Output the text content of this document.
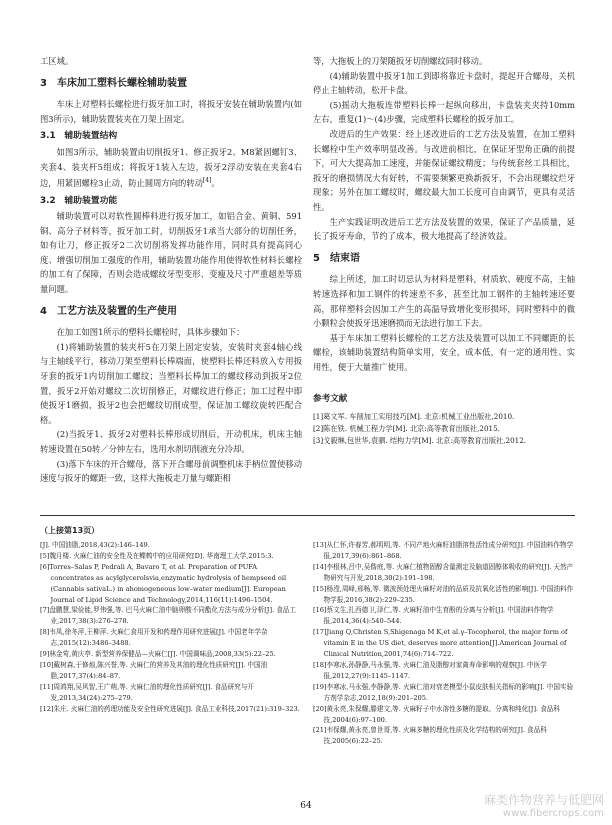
工区域。

3　车床加工塑料长螺栓辅助装置

车床上对塑料长螺栓进行扳牙加工时，将扳牙安装在辅助装置内(如图3所示)，辅助装置装夹在刀架上固定。

3.1　辅助装置结构

如图3所示，辅助装置由切削扳牙1、修正扳牙2、M8紧固螺钉3、夹套4、装夹杆5组成；将扳牙1装入左边，扳牙2浮动安装在夹套4右边，用紧固螺栓3止动，防止圆周方向的转动[4]。

3.2　辅助装置功能

辅助装置可以对软性圆棒料进行扳牙加工，如铝合金、黄铜、591铜、高分子材料等，扳牙加工时，切削扳牙1承当大部分的切削任务，如有让刀，修正扳牙2二次切削将发挥功能作用，同时具有提高同心度、增强切削加工强度的作用，辅助装置功能作用使得软性材料长螺栓的加工有了保障，否则会造成螺纹牙型变形、变瘦及尺寸严重超差等质量问题。

4　工艺方法及装置的生产使用

在加工如图1所示的塑料长螺栓时，具体步骤如下：

(1)将辅助装置的装夹杆5在刀架上固定安装，安装时夹套4轴心线与主轴线平行，移动刀架至塑料长棒端面，使塑料长棒还料放入专用扳牙套的扳牙1内切削加工螺纹；当塑料长棒加工的螺纹移动到扳牙2位置，扳牙2开始对螺纹二次切削修正，对螺纹进行修正；加工过程中即使扳牙1磨损，扳牙2也会把螺纹切削成型，保证加工螺纹旋转匹配合格。

(2)当扳牙1、扳牙2对塑料长棒形成切削后，开动机床，机床主轴转速设置在50转／分钟左右，选用水剂切削液充分冷却。

(3)落下车床的开合螺母，落下开合螺母前调整机床手柄位置使移动速度与扳牙的螺距一致，这样大拖板走刀量与螺距相

等，大拖板上的刀架随扳牙切削螺纹同时移动。

(4)辅助装置中扳牙1加工到即将靠近卡盘时，提起开合螺母，关机停止主轴转动，松开卡盘。

(5)摇动大拖板连带塑料长棒一起纵向移出，卡盘装夹夹持10mm左右，重复(1)～(4)步骤，完成塑料长螺栓的扳牙加工。

改进后的生产效果：经上述改进后的工艺方法及装置，在加工塑料长螺栓中生产效率明显改善。与改进前相比，在保证牙型角正确的前提下，可大大提高加工速度，并能保证螺纹精度；与传统套丝工具相比，扳牙的磨损情况大有好转，不需要频繁更换新扳牙，不会出现螺纹烂牙现象；另外在加工螺纹时，螺纹最大加工长度可自由调节，更具有灵活性。

生产实践证明改进后工艺方法及装置的效果，保证了产品质量，延长了扳牙寿命，节约了成本，极大地提高了经济效益。

5　结束语

综上所述，加工时切忌认为材料是塑料，材质软、硬度不高，主轴转速选择和加工钢件的转速差不多，甚至比加工钢件的主轴转速还要高，那样塑料会因加工产生的高温导致增化变形损坏，同时塑料中的微小颗粒会使扳牙迅速磨损而无法进行加工下去。

基于车床加工塑料长螺栓的工艺方法及装置可以加工不同螺距的长螺栓，该辅助装置结构简单实用，安全，成本低，有一定的通用性、实用性，便于大量推广使用。

参考文献
[1]葛文军. 车削加工实用技巧[M]. 北京:机械工业出版社,2010.
[2]陈在铁. 机械工程力学[M]. 北京:高等教育出版社,2015.
[3]戈毅琳,包世华,袁驷. 结构力学[M]. 北京:高等教育出版社,2012.
（上接第13页）

[J]. 中国油脂,2018,43(2):146–149.

[5]魏月楼. 火麻仁油的安全性及在鲽鹎中的应用研究[D]. 华南理工大学,2015:3.

[6]Torres–Salas P, Pedrali A, Bavaro T, et al. Preparation of PUFA concentrates as acylglycerolsvia,enzymatic hydrolysis of hempseed oil (Cannabis sativaL.) in ahomogeneous low–water medium[J]. European Journal of Lipid Science and Technology,2014,116(11):1496–1504.

[7]盘鹏慧,梁俭能,罗伟强,等. 巴马火麻仁油中脑卵酸不同酯化方法与成分分析[J]. 食品工业,2017,38(3):276–278.

[8]韦凤,徐冬萍,王柳萍. 火麻仁食用开发和药理作用研究进展[J]. 中国老年学杂志,2015(12):3486–3488.

[9]林金莺,黄庆亭. 新型营养保健品—火麻仁[J]. 中国调味品,2008,33(5):22–25.

[10]戴树森,于修烛,陈兴誉,等. 火麻仁的营养及其油的理化性质研究[J]. 中国油脂,2017,37(4):84–87.

[11]周鸿翔,吴风智,王广萌,等. 火麻仁油的理化性质研究[J]. 食品研究与开发,2013,34(24):275–279.

[12]朱庄. 火麻仁油的药理功能及安全性研究进展[J]. 食品工业科技,2017(21):319–323.

[13]从仁怀,许春芳,郝明明,等. 不同产地火麻籽油脂溶性活性成分研究[J]. 中国油料作物学报,2017,39(6):861–868.

[14]李根林,吕中,吴偕庭,等. 火麻仁植物固醇含量测定及脑道固醇体吸收的研究[J]. 天然产物研究与开发,2018,30(2):191–198.

[15]杨滢,周峰,邢畅,等. 微波预处理火麻籽对油的品质及抗氧化活性的影响[J]. 中国油料作物学报,2016,38(2):229–235.

[16]蔡文生,扎西德卫,泽仁,等. 火麻籽油中生育酚的分离与分析[J]. 中国油料作物学报,2014,36(4):540–544.

[17]Jiang Q,Christen S,Shigenaga M K,et al.γ–Tocopherol, the major form of vitamin E in the US diet, deserves more attention[J].American Journal of Clinical Nutrition,2001,74(6):714–722.

[18]李寒冰,孙静静,马永强,等. 火麻仁油及脂醇对家禽寿命影响的观察[J]. 中医学报,2012,27(9):1145–1147.

[19]李寒冰,马永强,李静静,等. 火麻仁油对衰老模型小鼠皮肤相关指标的影响[J]. 中国实验方剂学杂志,2012,18(9):201–205.

[20]黄永亮,朱保耀,滕建文,等. 火麻籽子中水溶性多糖的提取、分离和纯化[J]. 食品科技,2004(6):97–100.

[21]韦保耀,黄永亮,曾世哥,等. 火麻多糖的理化性质及化学结构的研究[J]. 食品科技,2005(6):22–25.

64	麻类作物营养与低肥网
www.fibercrops.com
